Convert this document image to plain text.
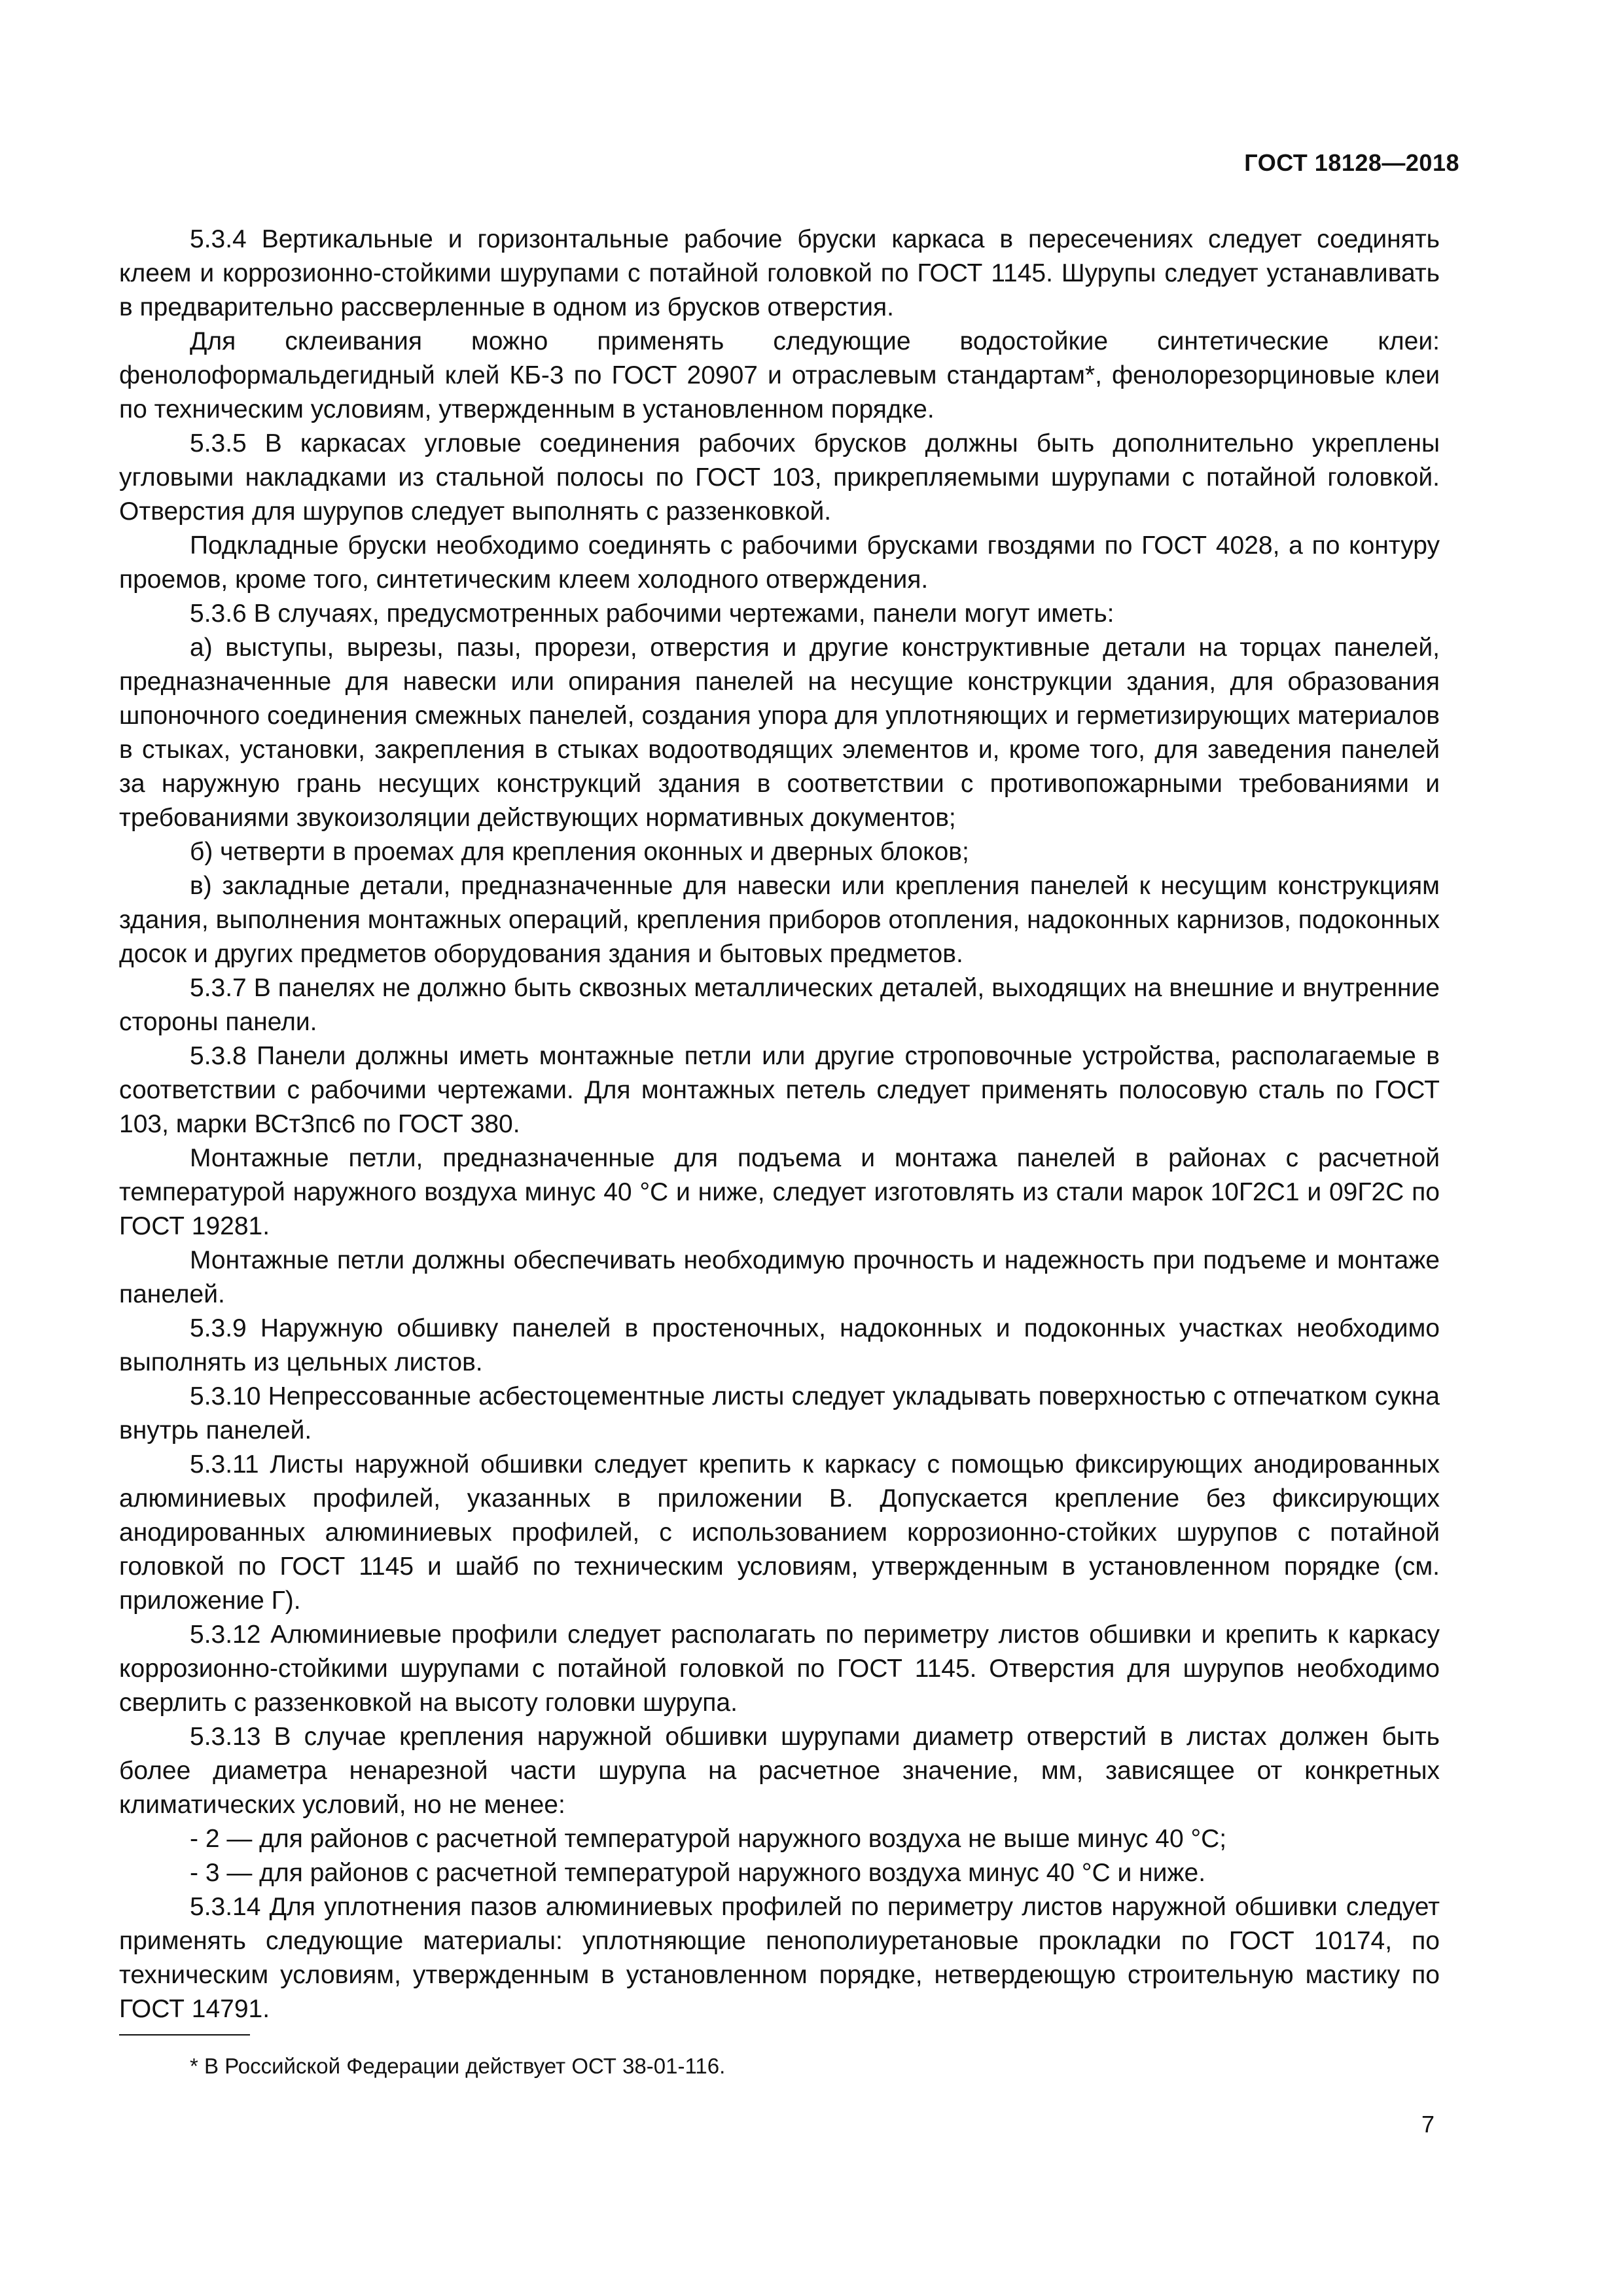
ГОСТ 18128—2018

5.3.4 Вертикальные и горизонтальные рабочие бруски каркаса в пересечениях следует соединять клеем и коррозионно-стойкими шурупами с потайной головкой по ГОСТ 1145. Шурупы следует устанавливать в предварительно рассверленные в одном из брусков отверстия.

Для склеивания можно применять следующие водостойкие синтетические клеи: фенолоформальдегидный клей КБ-3 по ГОСТ 20907 и отраслевым стандартам*, фенолорезорциновые клеи по техническим условиям, утвержденным в установленном порядке.

5.3.5 В каркасах угловые соединения рабочих брусков должны быть дополнительно укреплены угловыми накладками из стальной полосы по ГОСТ 103, прикрепляемыми шурупами с потайной головкой. Отверстия для шурупов следует выполнять с раззенковкой.

Подкладные бруски необходимо соединять с рабочими брусками гвоздями по ГОСТ 4028, а по контуру проемов, кроме того, синтетическим клеем холодного отверждения.

5.3.6 В случаях, предусмотренных рабочими чертежами, панели могут иметь:

а) выступы, вырезы, пазы, прорези, отверстия и другие конструктивные детали на торцах панелей, предназначенные для навески или опирания панелей на несущие конструкции здания, для образования шпоночного соединения смежных панелей, создания упора для уплотняющих и герметизирующих материалов в стыках, установки, закрепления в стыках водоотводящих элементов и, кроме того, для заведения панелей за наружную грань несущих конструкций здания в соответствии с противопожарными требованиями и требованиями звукоизоляции действующих нормативных документов;

б) четверти в проемах для крепления оконных и дверных блоков;

в) закладные детали, предназначенные для навески или крепления панелей к несущим конструкциям здания, выполнения монтажных операций, крепления приборов отопления, надоконных карнизов, подоконных досок и других предметов оборудования здания и бытовых предметов.

5.3.7 В панелях не должно быть сквозных металлических деталей, выходящих на внешние и внутренние стороны панели.

5.3.8 Панели должны иметь монтажные петли или другие строповочные устройства, располагаемые в соответствии с рабочими чертежами. Для монтажных петель следует применять полосовую сталь по ГОСТ 103, марки ВСт3пс6 по ГОСТ 380.

Монтажные петли, предназначенные для подъема и монтажа панелей в районах с расчетной температурой наружного воздуха минус 40 °С и ниже, следует изготовлять из стали марок 10Г2С1 и 09Г2С по ГОСТ 19281.

Монтажные петли должны обеспечивать необходимую прочность и надежность при подъеме и монтаже панелей.

5.3.9 Наружную обшивку панелей в простеночных, надоконных и подоконных участках необходимо выполнять из цельных листов.

5.3.10 Непрессованные асбестоцементные листы следует укладывать поверхностью с отпечатком сукна внутрь панелей.

5.3.11 Листы наружной обшивки следует крепить к каркасу с помощью фиксирующих анодированных алюминиевых профилей, указанных в приложении В. Допускается крепление без фиксирующих анодированных алюминиевых профилей, с использованием коррозионно-стойких шурупов с потайной головкой по ГОСТ 1145 и шайб по техническим условиям, утвержденным в установленном порядке (см. приложение Г).

5.3.12 Алюминиевые профили следует располагать по периметру листов обшивки и крепить к каркасу коррозионно-стойкими шурупами с потайной головкой по ГОСТ 1145. Отверстия для шурупов необходимо сверлить с раззенковкой на высоту головки шурупа.

5.3.13 В случае крепления наружной обшивки шурупами диаметр отверстий в листах должен быть более диаметра ненарезной части шурупа на расчетное значение, мм, зависящее от конкретных климатических условий, но не менее:

- 2 — для районов с расчетной температурой наружного воздуха не выше минус 40 °С;

- 3 — для районов с расчетной температурой наружного воздуха минус 40 °С и ниже.

5.3.14 Для уплотнения пазов алюминиевых профилей по периметру листов наружной обшивки следует применять следующие материалы: уплотняющие пенополиуретановые прокладки по ГОСТ 10174, по техническим условиям, утвержденным в установленном порядке, нетвердеющую строительную мастику по ГОСТ 14791.

* В Российской Федерации действует ОСТ 38-01-116.
7
